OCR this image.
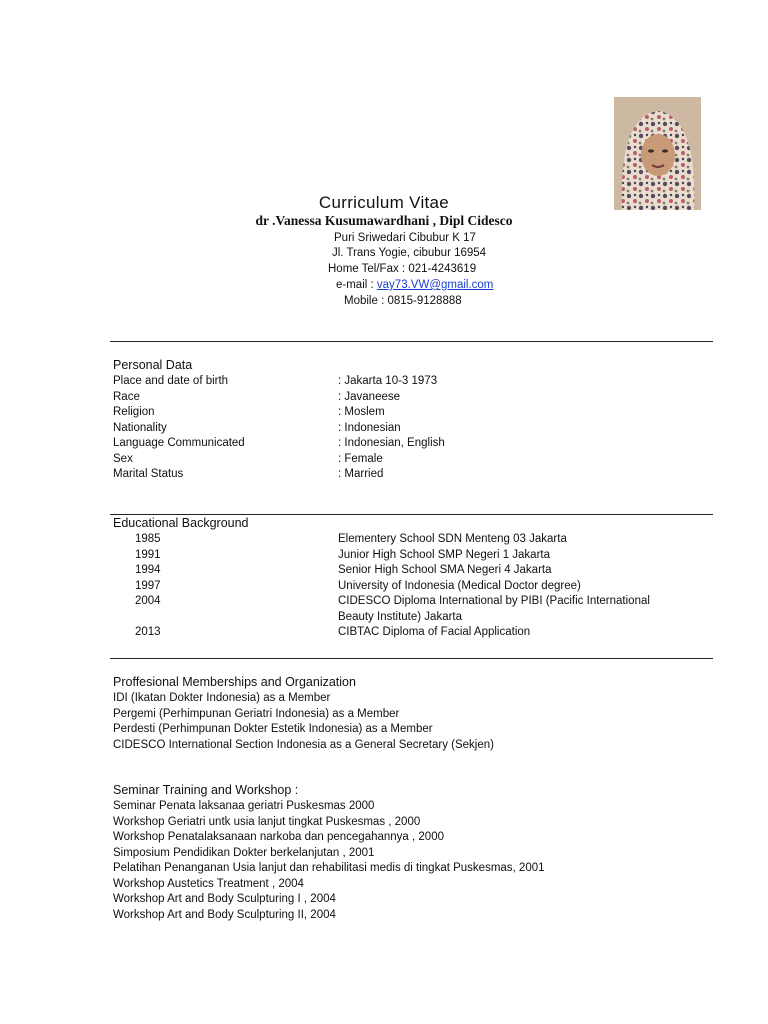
Curriculum Vitae
dr .Vanessa Kusumawardhani , Dipl Cidesco
Puri Sriwedari Cibubur K 17
Jl. Trans Yogie, cibubur 16954
Home Tel/Fax : 021-4243619
e-mail : vay73.VW@gmail.com
Mobile : 0815-9128888
Personal Data
Place and date of birth	: Jakarta 10-3 1973
Race	: Javaneese
Religion	: Moslem
Nationality	: Indonesian
Language Communicated	: Indonesian, English
Sex	: Female
Marital Status	: Married
Educational Background
1985	Elementery School SDN Menteng 03 Jakarta
1991	Junior High School SMP Negeri 1 Jakarta
1994	Senior High School SMA Negeri 4 Jakarta
1997	University of Indonesia (Medical Doctor degree)
2004	CIDESCO Diploma International by PIBI (Pacific International
Beauty Institute) Jakarta
2013	CIBTAC Diploma of Facial Application
Proffesional Memberships and Organization
IDI (Ikatan Dokter Indonesia) as a Member
Pergemi (Perhimpunan Geriatri Indonesia) as a Member
Perdesti (Perhimpunan Dokter Estetik Indonesia) as a Member
CIDESCO International Section Indonesia as a General Secretary (Sekjen)
Seminar Training and Workshop :
Seminar Penata laksanaa geriatri Puskesmas 2000
Workshop Geriatri untk usia lanjut tingkat Puskesmas , 2000
Workshop Penatalaksanaan narkoba dan pencegahannya , 2000
Simposium Pendidikan Dokter berkelanjutan , 2001
Pelatihan Penanganan Usia lanjut dan rehabilitasi medis di tingkat Puskesmas, 2001
Workshop Austetics Treatment , 2004
Workshop Art and Body Sculpturing I , 2004
Workshop Art and Body Sculpturing II, 2004
